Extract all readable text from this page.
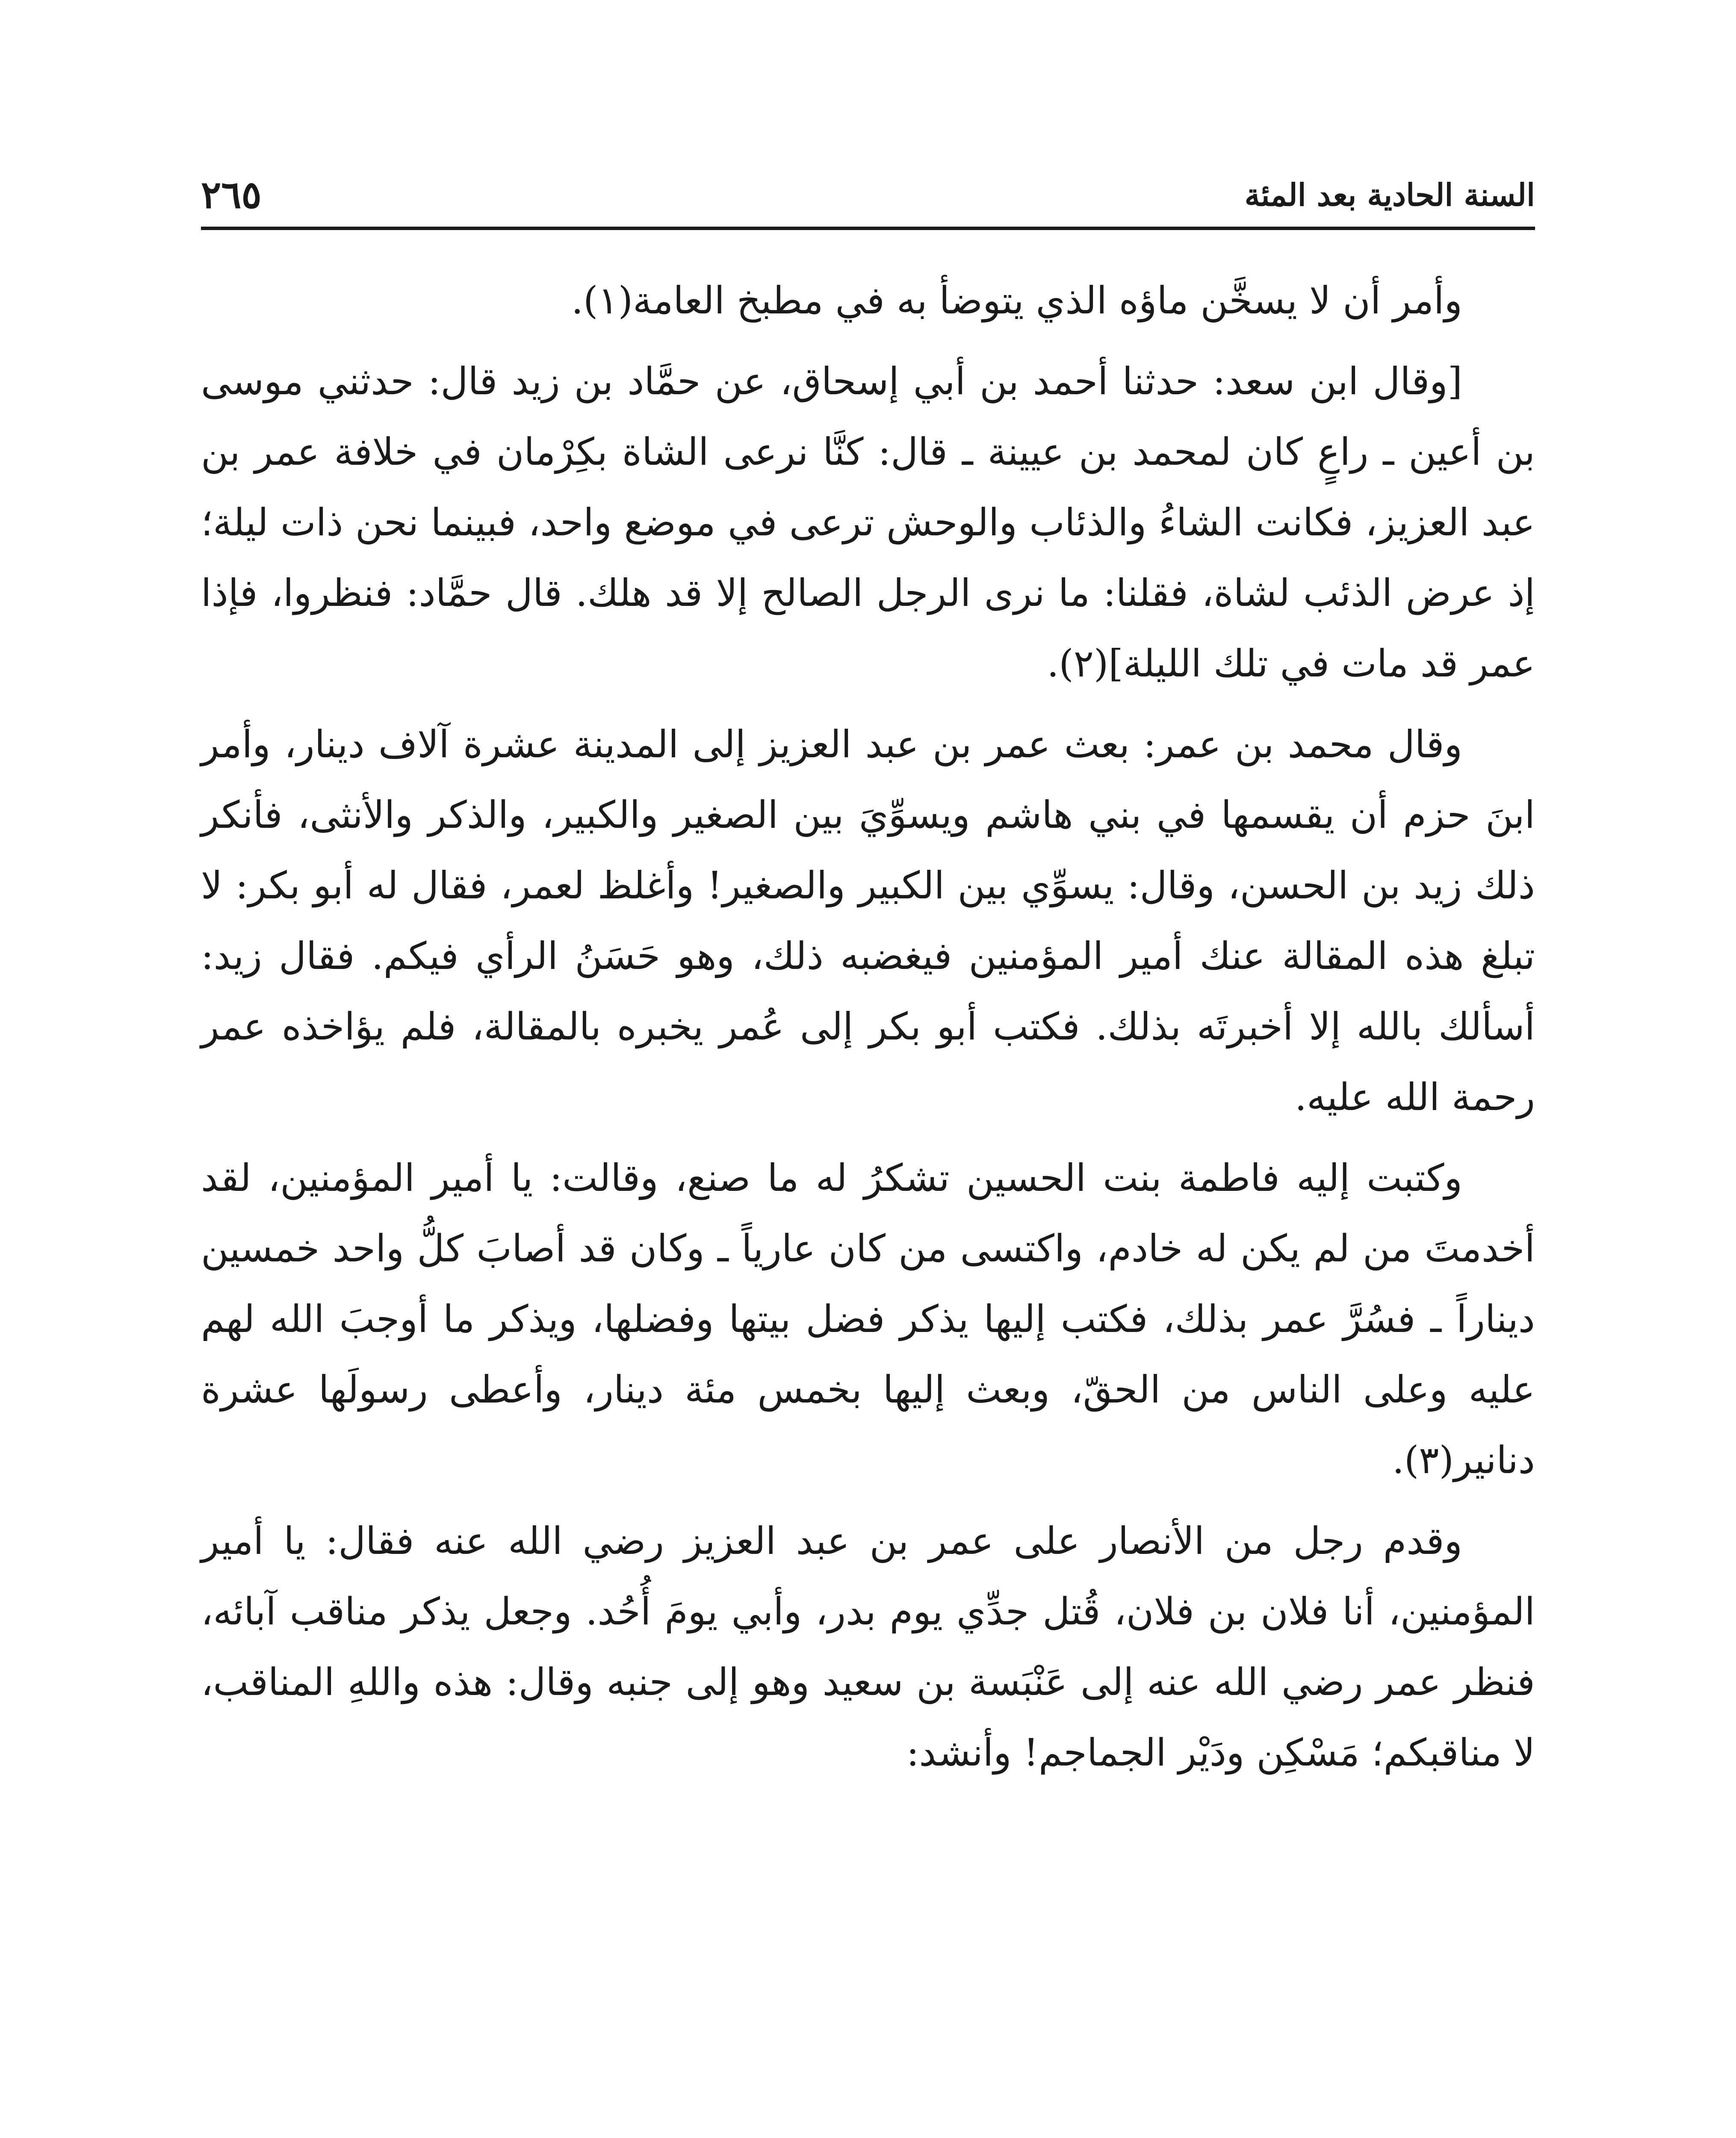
السنة الحادية بعد المئة
٢٦٥

وأمر أن لا يسخَّن ماؤه الذي يتوضأ به في مطبخ العامة(١).

[وقال ابن سعد: حدثنا أحمد بن أبي إسحاق، عن حمَّاد بن زيد قال: حدثني موسى بن أعين ـ راعٍ كان لمحمد بن عيينة ـ قال: كنَّا نرعى الشاة بكِرْمان في خلافة عمر بن عبد العزيز، فكانت الشاءُ والذئاب والوحش ترعى في موضع واحد، فبينما نحن ذات ليلة؛ إذ عرض الذئب لشاة، فقلنا: ما نرى الرجل الصالح إلا قد هلك. قال حمَّاد: فنظروا، فإذا عمر قد مات في تلك الليلة](٢).

وقال محمد بن عمر: بعث عمر بن عبد العزيز إلى المدينة عشرة آلاف دينار، وأمر ابنَ حزم أن يقسمها في بني هاشم ويسوِّيَ بين الصغير والكبير، والذكر والأنثى، فأنكر ذلك زيد بن الحسن، وقال: يسوِّي بين الكبير والصغير! وأغلظ لعمر، فقال له أبو بكر: لا تبلغ هذه المقالة عنك أمير المؤمنين فيغضبه ذلك، وهو حَسَنُ الرأي فيكم. فقال زيد: أسألك بالله إلا أخبرتَه بذلك. فكتب أبو بكر إلى عُمر يخبره بالمقالة، فلم يؤاخذه عمر رحمة الله عليه.

وكتبت إليه فاطمة بنت الحسين تشكرُ له ما صنع، وقالت: يا أمير المؤمنين، لقد أخدمتَ من لم يكن له خادم، واكتسى من كان عارياً ـ وكان قد أصابَ كلُّ واحد خمسين ديناراً ـ فسُرَّ عمر بذلك، فكتب إليها يذكر فضل بيتها وفضلها، ويذكر ما أوجبَ الله لهم عليه وعلى الناس من الحقّ، وبعث إليها بخمس مئة دينار، وأعطى رسولَها عشرة دنانير(٣).

وقدم رجل من الأنصار على عمر بن عبد العزيز رضي الله عنه فقال: يا أمير المؤمنين، أنا فلان بن فلان، قُتل جدِّي يوم بدر، وأبي يومَ أُحُد. وجعل يذكر مناقب آبائه، فنظر عمر رضي الله عنه إلى عَنْبَسة بن سعيد وهو إلى جنبه وقال: هذه واللهِ المناقب، لا مناقبكم؛ مَسْكِن ودَيْر الجماجم! وأنشد:
